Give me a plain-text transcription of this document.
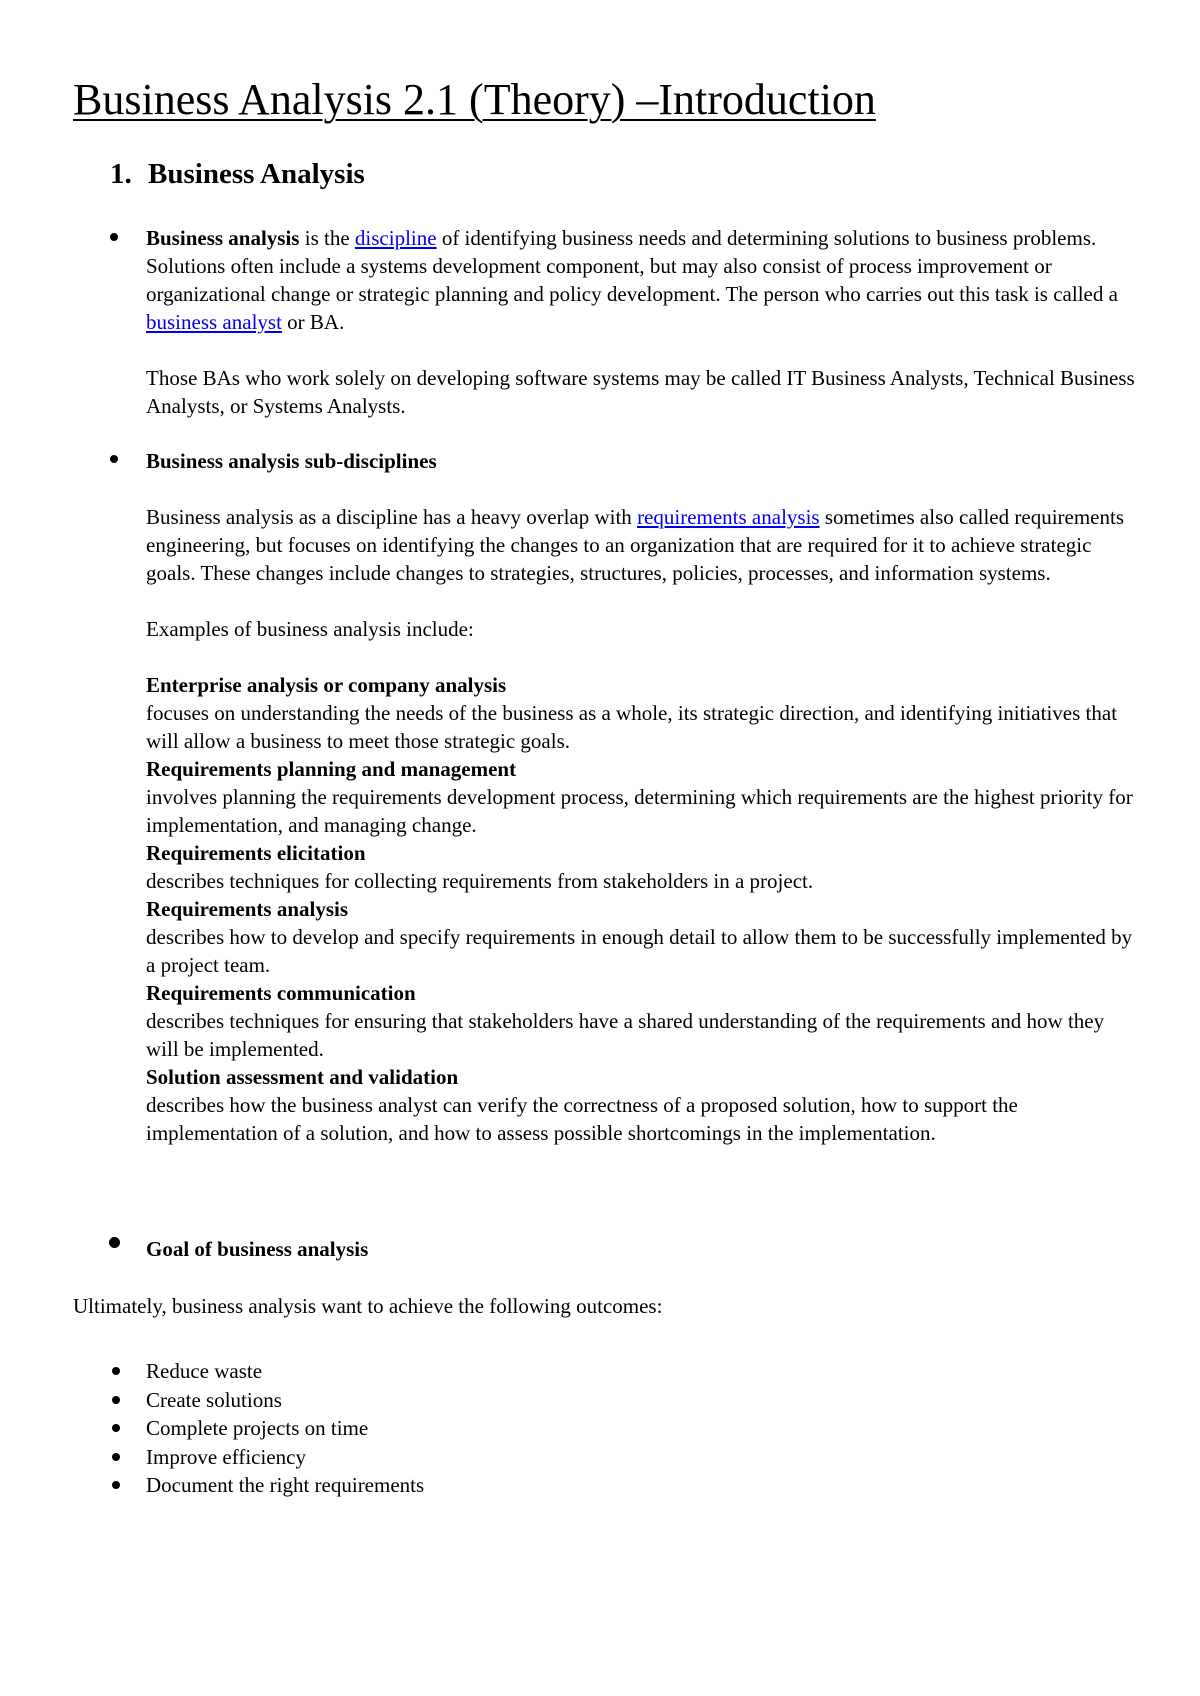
Business Analysis 2.1 (Theory) –Introduction
1. Business Analysis

Business analysis is the discipline of identifying business needs and determining solutions to business problems. Solutions often include a systems development component, but may also consist of process improvement or organizational change or strategic planning and policy development. The person who carries out this task is called a business analyst or BA.

Those BAs who work solely on developing software systems may be called IT Business Analysts, Technical Business Analysts, or Systems Analysts.

Business analysis sub-disciplines

Business analysis as a discipline has a heavy overlap with requirements analysis sometimes also called requirements engineering, but focuses on identifying the changes to an organization that are required for it to achieve strategic goals. These changes include changes to strategies, structures, policies, processes, and information systems.

Examples of business analysis include:

Enterprise analysis or company analysis

focuses on understanding the needs of the business as a whole, its strategic direction, and identifying initiatives that will allow a business to meet those strategic goals.

Requirements planning and management

involves planning the requirements development process, determining which requirements are the highest priority for implementation, and managing change.

Requirements elicitation

describes techniques for collecting requirements from stakeholders in a project.

Requirements analysis

describes how to develop and specify requirements in enough detail to allow them to be successfully implemented by a project team.

Requirements communication

describes techniques for ensuring that stakeholders have a shared understanding of the requirements and how they will be implemented.

Solution assessment and validation

describes how the business analyst can verify the correctness of a proposed solution, how to support the implementation of a solution, and how to assess possible shortcomings in the implementation.

Goal of business analysis

Ultimately, business analysis want to achieve the following outcomes:

Reduce waste
Create solutions
Complete projects on time
Improve efficiency
Document the right requirements
